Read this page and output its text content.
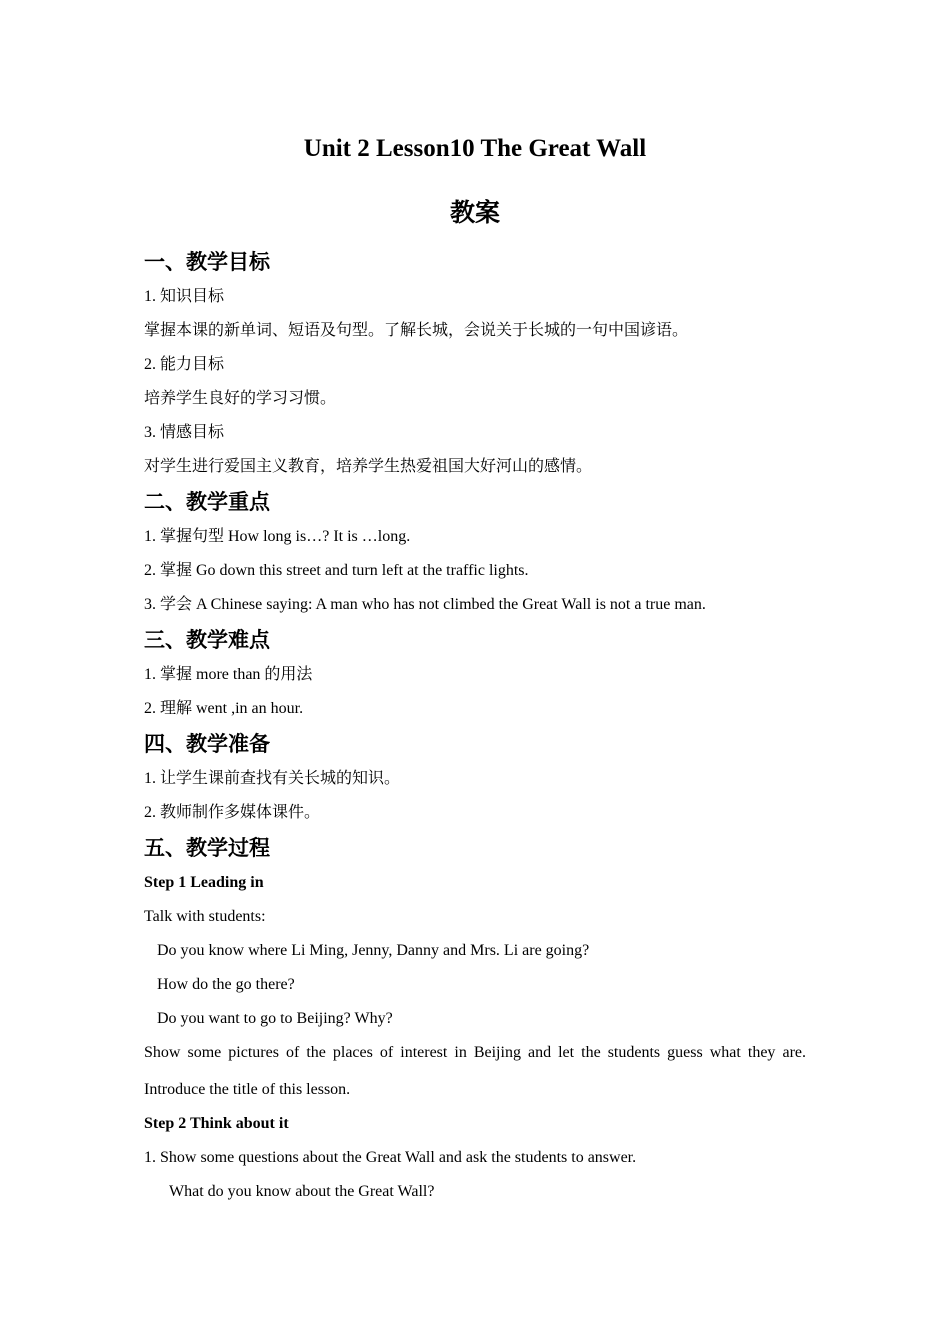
Unit 2 Lesson10 The Great Wall
教案
一、教学目标
1. 知识目标
掌握本课的新单词、短语及句型。了解长城，会说关于长城的一句中国谚语。
2. 能力目标
培养学生良好的学习习惯。
3. 情感目标
对学生进行爱国主义教育，培养学生热爱祖国大好河山的感情。
二、教学重点
1. 掌握句型 How long is…? It is …long.
2. 掌握 Go down this street and turn left at the traffic lights.
3. 学会 A Chinese saying: A man who has not climbed the Great Wall is not a true man.
三、教学难点
1. 掌握 more than 的用法
2. 理解 went ,in an hour.
四、教学准备
1. 让学生课前查找有关长城的知识。
2. 教师制作多媒体课件。
五、教学过程
Step 1 Leading in
Talk with students:
Do you know where Li Ming, Jenny, Danny and Mrs. Li are going?
How do the go there?
Do you want to go to Beijing? Why?
Show some pictures of the places of interest in Beijing and let the students guess what they are.
Introduce the title of this lesson.
Step 2 Think about it
1. Show some questions about the Great Wall and ask the students to answer.
What do you know about the Great Wall?
